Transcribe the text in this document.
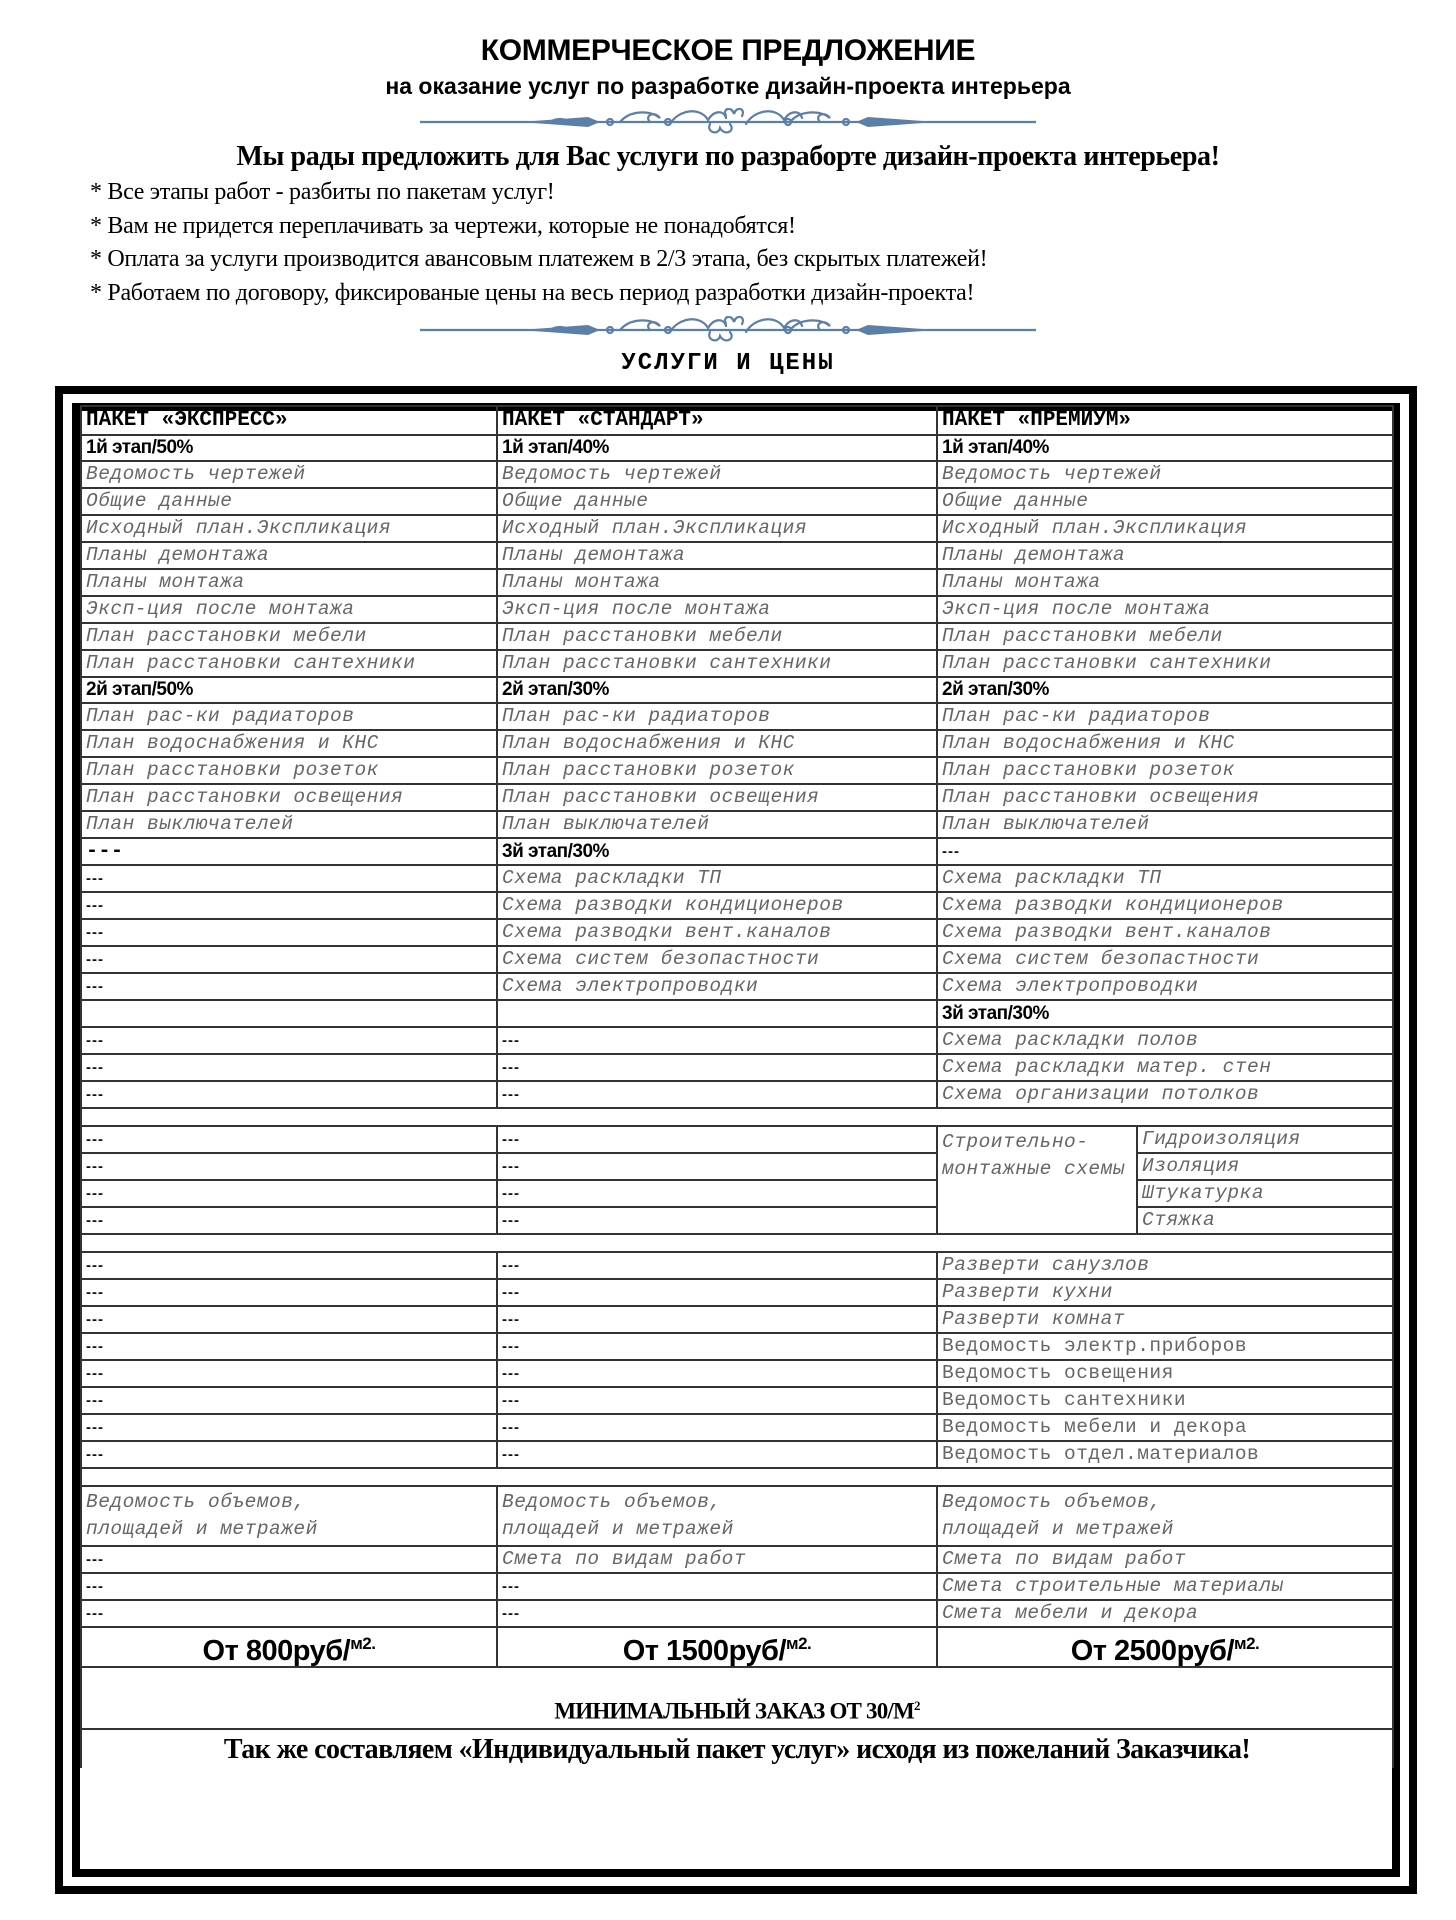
КОММЕРЧЕСКОЕ ПРЕДЛОЖЕНИЕ
на оказание услуг по разработке дизайн-проекта интерьера
Мы рады предложить для Вас услуги по разраборте дизайн-проекта интерьера!
* Все этапы работ - разбиты по пакетам услуг!
* Вам не придется переплачивать за чертежи, которые не понадобятся!
* Оплата за услуги производится авансовым платежем в 2/3 этапа, без скрытых платежей!
* Работаем по договору, фиксированые цены на весь период разработки дизайн-проекта!
УСЛУГИ И ЦЕНЫ
ПАКЕТ «ЭКСПРЕСС»	ПАКЕТ «СТАНДАРТ»	ПАКЕТ «ПРЕМИУМ»	
1й этап/50%	1й этап/40%	1й этап/40%	
Ведомость чертежей	Ведомость чертежей	Ведомость чертежей	
Общие данные	Общие данные	Общие данные	
Исходный план.Экспликация	Исходный план.Экспликация	Исходный план.Экспликация	
Планы демонтажа	Планы демонтажа	Планы демонтажа	
Планы монтажа	Планы монтажа	Планы монтажа	
Эксп-ция после монтажа	Эксп-ция после монтажа	Эксп-ция после монтажа	
План расстановки мебели	План расстановки мебели	План расстановки мебели	
План расстановки сантехники	План расстановки сантехники	План расстановки сантехники	
2й этап/50%	2й этап/30%	2й этап/30%	
План рас-ки радиаторов	План рас-ки радиаторов	План рас-ки радиаторов	
План водоснабжения и КНС	План водоснабжения и КНС	План водоснабжения и КНС	
План расстановки розеток	План расстановки розеток	План расстановки розеток	
План расстановки освещения	План расстановки освещения	План расстановки освещения	
План выключателей	План выключателей	План выключателей	
---	3й этап/30%	---	
---	Схема раскладки ТП	Схема раскладки ТП	
---	Схема разводки кондиционеров	Схема разводки кондиционеров	
---	Схема разводки вент.каналов	Схема разводки вент.каналов	
---	Схема систем безопастности	Схема систем безопастности	
---	Схема электропроводки	Схема электропроводки	
		3й этап/30%	
---	---	Схема раскладки полов	
---	---	Схема раскладки матер. стен	
---	---	Схема организации потолков	

---	---	Строительно-монтажные схемы	Гидроизоляция
---	---		Изоляция
---	---		Штукатурка
---	---		Стяжка

---	---	Разверти санузлов	
---	---	Разверти кухни	
---	---	Разверти комнат	
---	---	Ведомость электр.приборов	
---	---	Ведомость освещения	
---	---	Ведомость сантехники	
---	---	Ведомость мебели и декора	
---	---	Ведомость отдел.материалов	

Ведомость объемов,
площадей и метражей	Ведомость объемов,
площадей и метражей	Ведомость объемов,
площадей и метражей	
---	Смета по видам работ	Смета по видам работ	
---	---	Смета строительные материалы	
---	---	Смета мебели и декора	
От 800руб/$^{м2.}$	От 1500руб/$^{м2.}$	От 2500руб/$^{м2.}$
МИНИМАЛЬНЫЙ ЗАКАЗ ОТ $30/М^2$
Так же составляем «Индивидуальный пакет услуг» исходя из пожеланий Заказчика!			
